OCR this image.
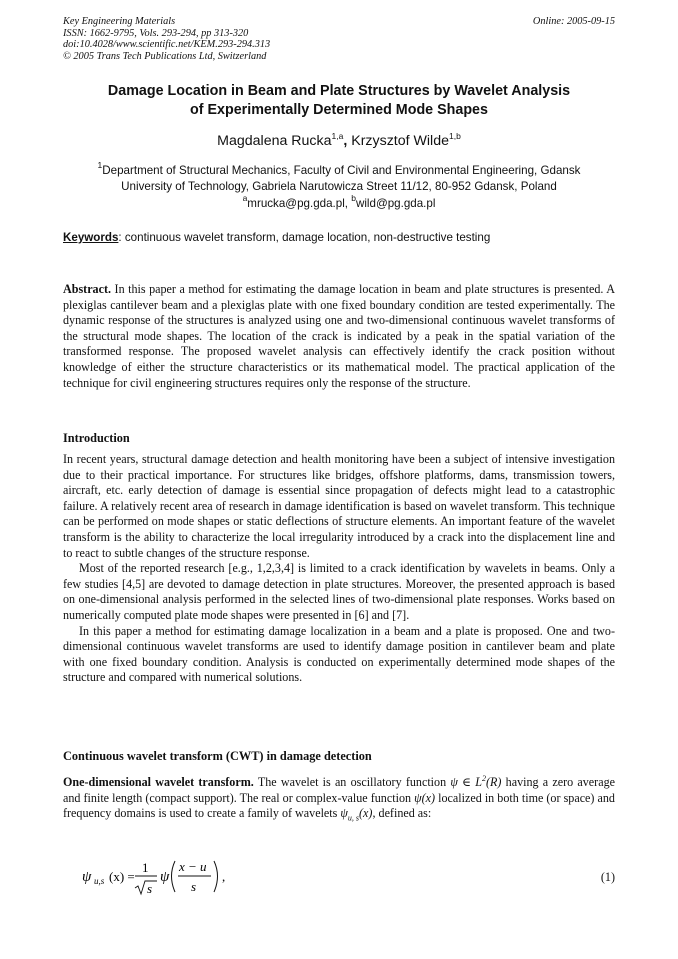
Key Engineering Materials
ISSN: 1662-9795, Vols. 293-294, pp 313-320
doi:10.4028/www.scientific.net/KEM.293-294.313
© 2005 Trans Tech Publications Ltd, Switzerland
Online: 2005-09-15
Damage Location in Beam and Plate Structures by Wavelet Analysis
of Experimentally Determined Mode Shapes
Magdalena Rucka$^{1,a}$, Krzysztof Wilde$^{1,b}$
$^1$Department of Structural Mechanics, Faculty of Civil and Environmental Engineering, Gdansk
University of Technology, Gabriela Narutowicza Street 11/12, 80-952 Gdansk, Poland
$^a$mrucka@pg.gda.pl, $^b$wild@pg.gda.pl
Keywords: continuous wavelet transform, damage location, non-destructive testing
Abstract. In this paper a method for estimating the damage location in beam and plate structures is presented. A plexiglas cantilever beam and a plexiglas plate with one fixed boundary condition are tested experimentally. The dynamic response of the structures is analyzed using one and two-dimensional continuous wavelet transforms of the structural mode shapes. The location of the crack is indicated by a peak in the spatial variation of the transformed response. The proposed wavelet analysis can effectively identify the crack position without knowledge of either the structure characteristics or its mathematical model. The practical application of the technique for civil engineering structures requires only the response of the structure.
Introduction

In recent years, structural damage detection and health monitoring have been a subject of intensive investigation due to their practical importance. For structures like bridges, offshore platforms, dams, transmission towers, aircraft, etc. early detection of damage is essential since propagation of defects might lead to a catastrophic failure. A relatively recent area of research in damage identification is based on wavelet transform. This technique can be performed on mode shapes or static deflections of structure elements. An important feature of the wavelet transform is the ability to characterize the local irregularity introduced by a crack into the displacement line and to react to subtle changes of the structure response.

Most of the reported research [e.g., 1,2,3,4] is limited to a crack identification by wavelets in beams. Only a few studies [4,5] are devoted to damage detection in plate structures. Moreover, the presented approach is based on one-dimensional analysis performed in the selected lines of two-dimensional plate responses. Works based on numerically computed plate mode shapes were presented in [6] and [7].

In this paper a method for estimating damage localization in a beam and a plate is proposed. One and two-dimensional continuous wavelet transforms are used to identify damage position in cantilever beam and plate with one fixed boundary condition. Analysis is conducted on experimentally determined mode shapes of the structure and compared with numerical solutions.

Continuous wavelet transform (CWT) in damage detection
One-dimensional wavelet transform. The wavelet is an oscillatory function ψ ∈ $L^2(R)$ having a zero average and finite length (compact support). The real or complex-value function ψ(x) localized in both time (or space) and frequency domains is used to create a family of wavelets $\psi_{u, s}(x)$, defined as:
ψ u,s (x) =
1
s
ψ
x − u
s
,	(1)
